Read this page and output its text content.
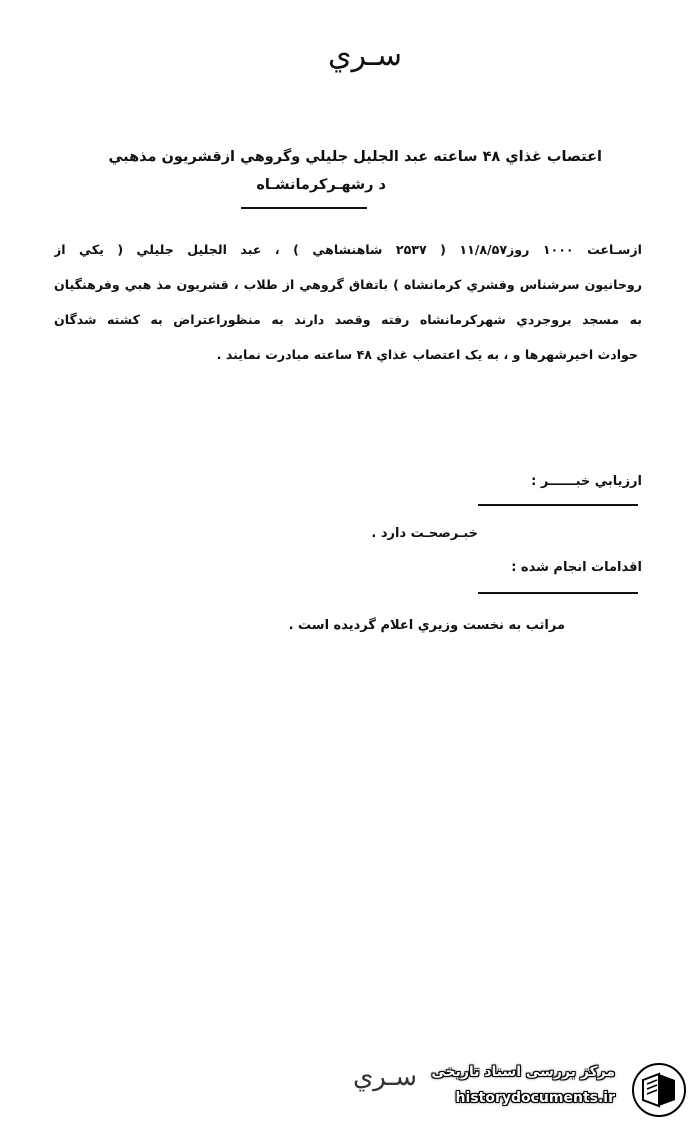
سـري
اعتصاب غذاي ۴۸ ساعته عبد الجليل جليلي وگروهي ازقشريون مذهبي
د رشهـرکرمانشـاه
ازسـاعت ۱۰۰۰ روز۱۱/۸/۵۷ ( ۲۵۳۷ شاهنشاهي ) ، عبد الجليل جليلي ( يکي از
روحانيون سرشناس وقشري کرمانشاه ) باتفاق گروهي از طلاب ، قشريون مذ هبي وفرهنگيان
به مسجد بروجردي شهرکرمانشاه رفته وقصد دارند به منظوراعتراض به کشته شدگان
حوادث اخيرشهرها و ، به يک اعتصاب غذاي ۴۸ ساعته مبادرت نمايند .
ارزيابي خبــــــر :
خبـرصحـت دارد .
اقدامات انجام شده :
مراتب به نخست وزيري اعلام گرديده است .
سـري	مرکز بررسی اسناد تاریخی
historydocuments.ir
